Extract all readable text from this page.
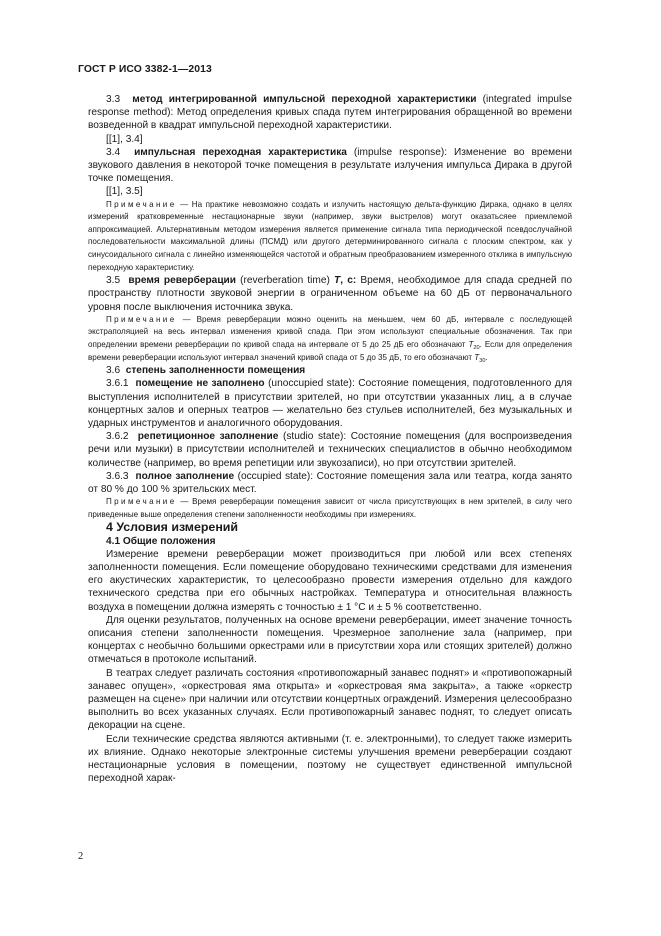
ГОСТ Р ИСО 3382-1—2013

3.3 метод интегрированной импульсной переходной характеристики (integrated impulse response method): Метод определения кривых спада путем интегрирования обращенной во времени возведенной в квадрат импульсной переходной характеристики.

[[1], 3.4]

3.4 импульсная переходная характеристика (impulse response): Изменение во времени звукового давления в некоторой точке помещения в результате излучения импульса Дирака в другой точке помещения.

[[1], 3.5]

Примечание — На практике невозможно создать и излучить настоящую дельта-функцию Дирака, однако в целях измерений кратковременные нестационарные звуки (например, звуки выстрелов) могут оказатьсяее приемлемой аппроксимацией. Альтернативным методом измерения является применение сигнала типа периодической псевдослучайной последовательности максимальной длины (ПСМД) или другого детерминированного сигнала с плоским спектром, как у синусоидального сигнала с линейно изменяющейся частотой и обратным преобразованием измеренного отклика в импульсную переходную характеристику.

3.5 время реверберации (reverberation time) T, с: Время, необходимое для спада средней по пространству плотности звуковой энергии в ограниченном объеме на 60 дБ от первоначального уровня после выключения источника звука.

Примечание — Время реверберации можно оценить на меньшем, чем 60 дБ, интервале с последующей экстраполяцией на весь интервал изменения кривой спада. При этом используют специальные обозначения. Так при определении времени реверберации по кривой спада на интервале от 5 до 25 дБ его обозначают $T_{20}$. Если для определения времени реверберации используют интервал значений кривой спада от 5 до 35 дБ, то его обозначают $T_{30}$.

3.6 степень заполненности помещения

3.6.1 помещение не заполнено (unoccupied state): Состояние помещения, подготовленного для выступления исполнителей в присутствии зрителей, но при отсутствии указанных лиц, а в случае концертных залов и оперных театров — желательно без стульев исполнителей, без музыкальных и ударных инструментов и аналогичного оборудования.

3.6.2 репетиционное заполнение (studio state): Состояние помещения (для воспроизведения речи или музыки) в присутствии исполнителей и технических специалистов в обычно необходимом количестве (например, во время репетиции или звукозаписи), но при отсутствии зрителей.

3.6.3 полное заполнение (occupied state): Состояние помещения зала или театра, когда занято от 80 % до 100 % зрительских мест.

Примечание — Время реверберации помещения зависит от числа присутствующих в нем зрителей, в силу чего приведенные выше определения степени заполненности необходимы при измерениях.

4 Условия измерений

4.1 Общие положения

Измерение времени реверберации может производиться при любой или всех степенях заполненности помещения. Если помещение оборудовано техническими средствами для изменения его акустических характеристик, то целесообразно провести измерения отдельно для каждого технического средства при его обычных настройках. Температура и относительная влажность воздуха в помещении должна измерять с точностью ± 1 °С и ± 5 % соответственно.

Для оценки результатов, полученных на основе времени реверберации, имеет значение точность описания степени заполненности помещения. Чрезмерное заполнение зала (например, при концертах с необычно большими оркестрами или в присутствии хора или стоящих зрителей) должно отмечаться в протоколе испытаний.

В театрах следует различать состояния «противопожарный занавес поднят» и «противопожарный занавес опущен», «оркестровая яма открыта» и «оркестровая яма закрыта», а также «оркестр размещен на сцене» при наличии или отсутствии концертных ограждений. Измерения целесообразно выполнить во всех указанных случаях. Если противопожарный занавес поднят, то следует описать декорации на сцене.

Если технические средства являются активными (т. е. электронными), то следует также измерить их влияние. Однако некоторые электронные системы улучшения времени реверберации создают нестационарные условия в помещении, поэтому не существует единственной импульсной переходной харак-

2
